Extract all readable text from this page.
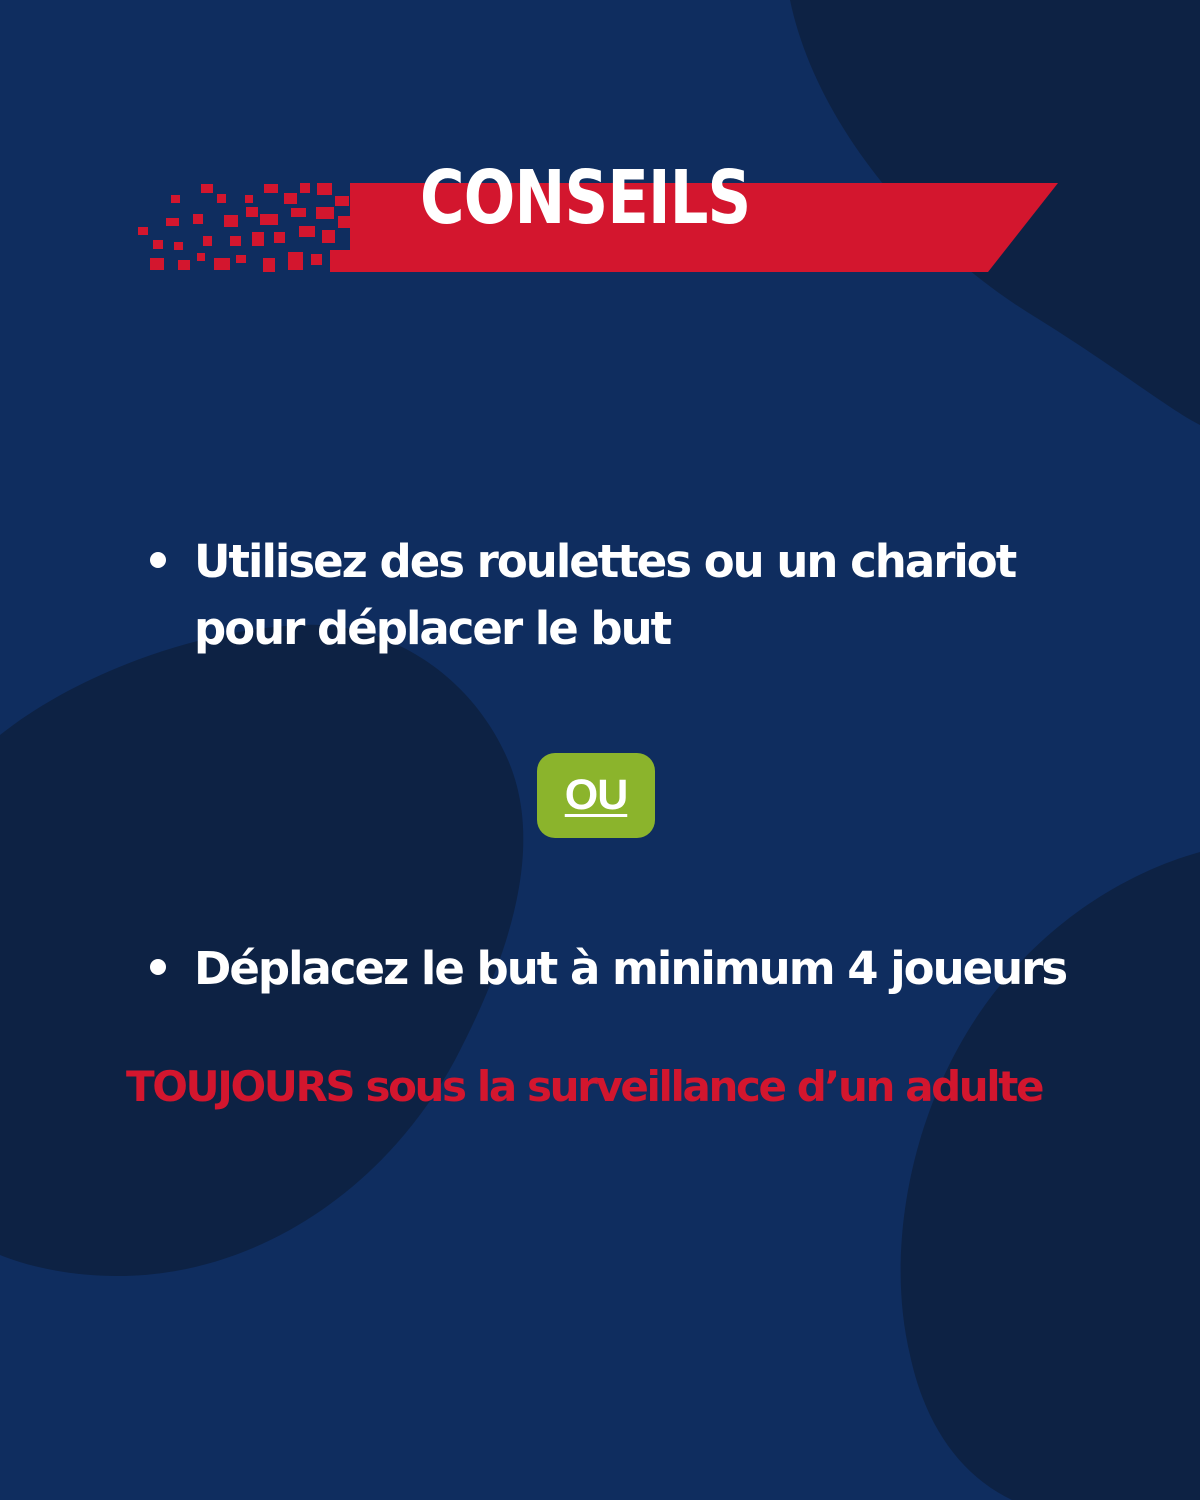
CONSEILS

Utilisez des roulettes ou un chariot pour déplacer le but

OU

Déplacez le but à minimum 4 joueurs

TOUJOURS sous la surveillance d’un adulte
